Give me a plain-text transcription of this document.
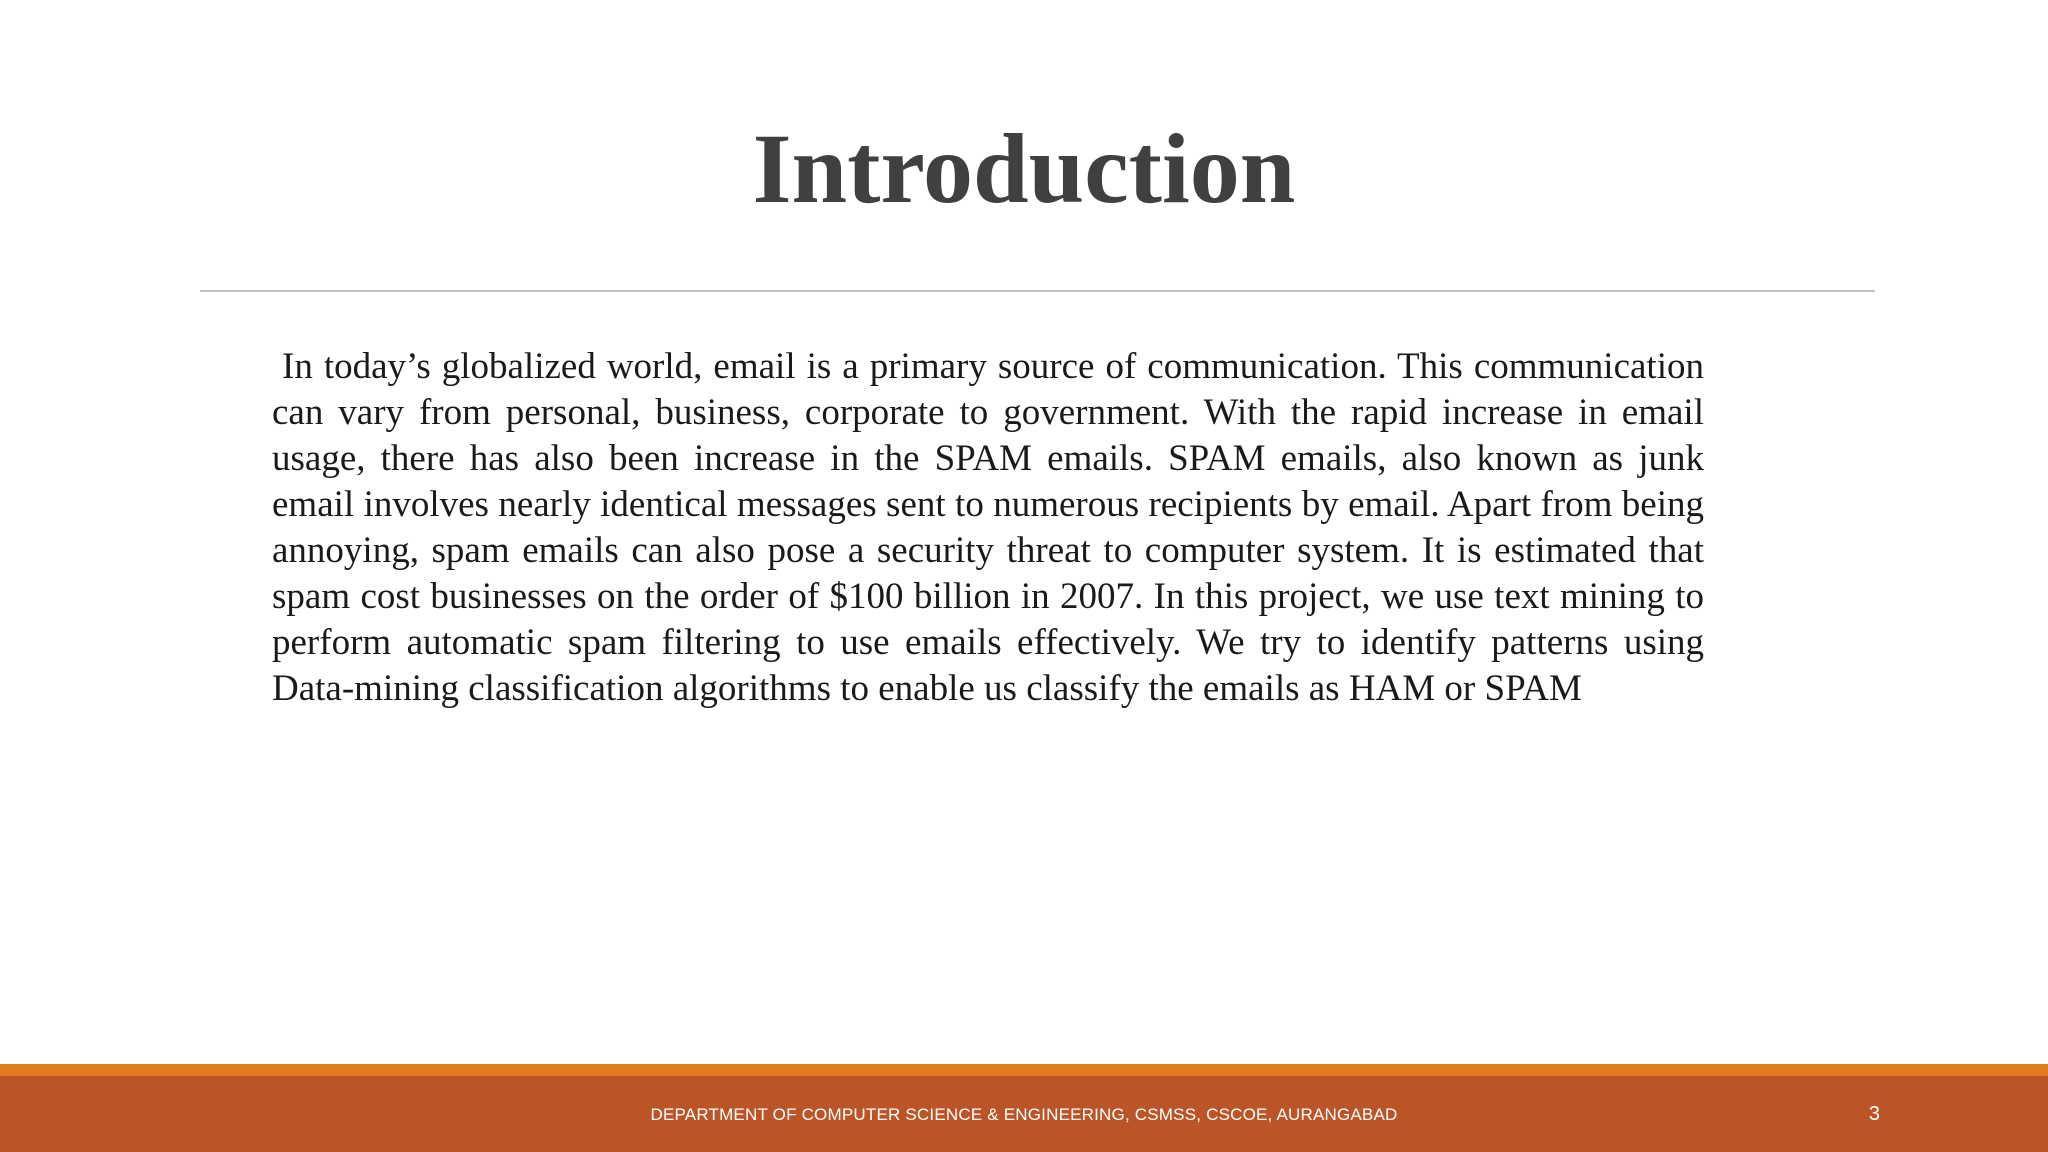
Introduction

In today’s globalized world, email is a primary source of communication. This communication can vary from personal, business, corporate to government. With the rapid increase in email usage, there has also been increase in the SPAM emails. SPAM emails, also known as junk email involves nearly identical messages sent to numerous recipients by email. Apart from being annoying, spam emails can also pose a security threat to computer system. It is estimated that spam cost businesses on the order of $100 billion in 2007. In this project, we use text mining to perform automatic spam filtering to use emails effectively. We try to identify patterns using Data-mining classification algorithms to enable us classify the emails as HAM or SPAM

DEPARTMENT OF COMPUTER SCIENCE & ENGINEERING, CSMSS, CSCOE, AURANGABAD	3
